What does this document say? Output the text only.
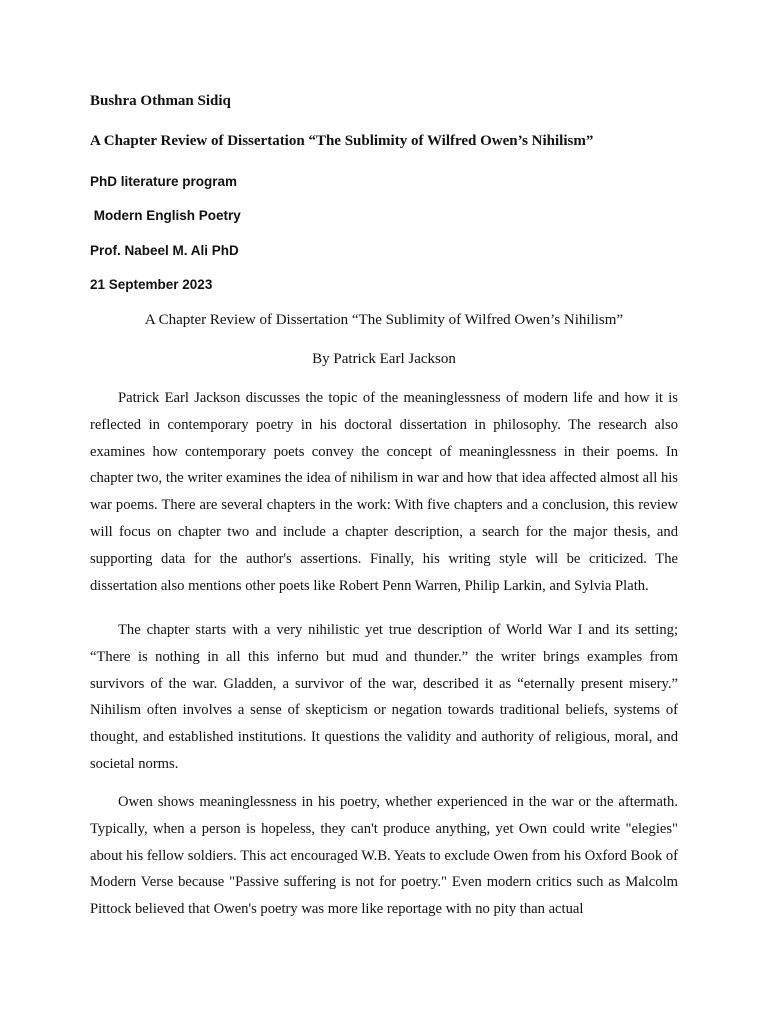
Bushra Othman Sidiq

A Chapter Review of Dissertation “The Sublimity of Wilfred Owen’s Nihilism”

PhD literature program

Modern English Poetry

Prof. Nabeel M. Ali PhD

21 September 2023

A Chapter Review of Dissertation “The Sublimity of Wilfred Owen’s Nihilism”

By Patrick Earl Jackson

Patrick Earl Jackson discusses the topic of the meaninglessness of modern life and how it is reflected in contemporary poetry in his doctoral dissertation in philosophy. The research also examines how contemporary poets convey the concept of meaninglessness in their poems. In chapter two, the writer examines the idea of nihilism in war and how that idea affected almost all his war poems. There are several chapters in the work: With five chapters and a conclusion, this review will focus on chapter two and include a chapter description, a search for the major thesis, and supporting data for the author's assertions. Finally, his writing style will be criticized. The dissertation also mentions other poets like Robert Penn Warren, Philip Larkin, and Sylvia Plath.

The chapter starts with a very nihilistic yet true description of World War I and its setting; “There is nothing in all this inferno but mud and thunder.” the writer brings examples from survivors of the war. Gladden, a survivor of the war, described it as “eternally present misery.” Nihilism often involves a sense of skepticism or negation towards traditional beliefs, systems of thought, and established institutions. It questions the validity and authority of religious, moral, and societal norms.

Owen shows meaninglessness in his poetry, whether experienced in the war or the aftermath. Typically, when a person is hopeless, they can't produce anything, yet Own could write "elegies" about his fellow soldiers. This act encouraged W.B. Yeats to exclude Owen from his Oxford Book of Modern Verse because "Passive suffering is not for poetry." Even modern critics such as Malcolm Pittock believed that Owen's poetry was more like reportage with no pity than actual
